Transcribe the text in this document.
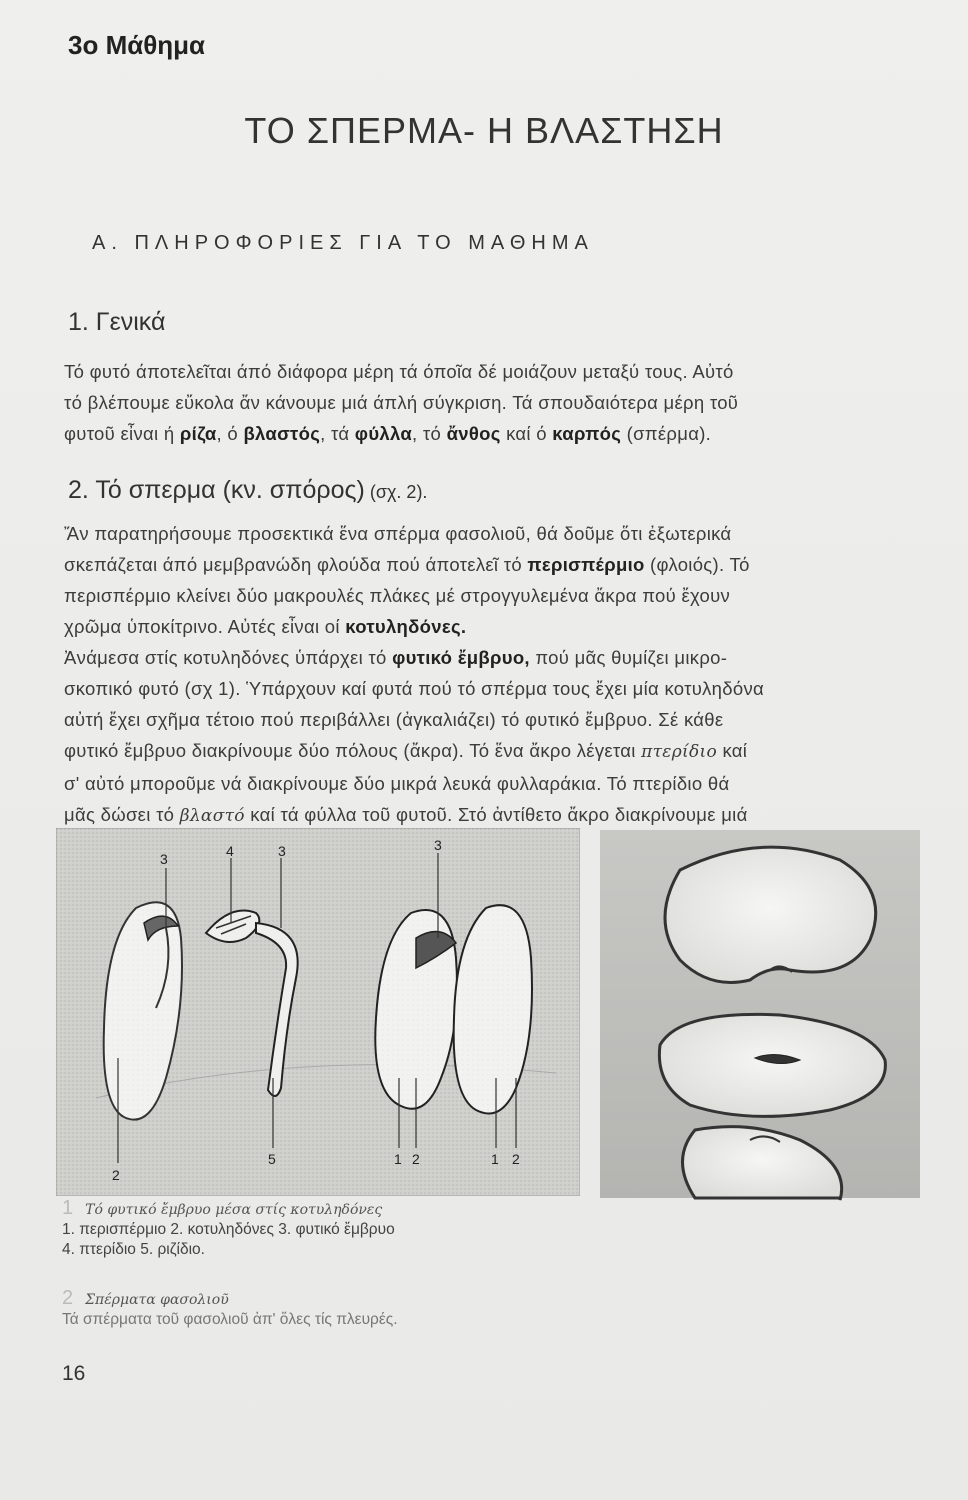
3ο Μάθημα
ΤΟ ΣΠΕΡΜΑ- Η ΒΛΑΣΤΗΣΗ
Α. ΠΛΗΡΟΦΟΡΙΕΣ ΓΙΑ ΤΟ ΜΑΘΗΜΑ
1. Γενικά
Τό φυτό άποτελεῖται άπό διάφορα μέρη τά όποῖα δέ μοιάζουν μεταξύ τους. Αὐτό
τό βλέπουμε εὔκολα ἄν κάνουμε μιά άπλή σύγκριση. Τά σπουδαιότερα μέρη τοῦ
φυτοῦ εἶναι ή ρίζα, ό βλαστός, τά φύλλα, τό ἄνθος καί ό καρπός (σπέρμα).
2. Τό σπερμα (κν. σπόρος) (σχ. 2).
Ἄν παρατηρήσουμε προσεκτικά ἕνα σπέρμα φασολιοῦ, θά δοῦμε ὅτι ἐξωτερικά
σκεπάζεται άπό μεμβρανώδη φλούδα πού άποτελεῖ τό περισπέρμιο (φλοιός). Τό
περισπέρμιο κλείνει δύο μακρουλές πλάκες μέ στρογγυλεμένα ἄκρα πού ἔχουν
χρῶμα ὑποκίτρινο. Αὐτές εἶναι οί κοτυληδόνες.
Ἀνάμεσα στίς κοτυληδόνες ὑπάρχει τό φυτικό ἔμβρυο, πού μᾶς θυμίζει μικρο-
σκοπικό φυτό (σχ 1). Ὑπάρχουν καί φυτά πού τό σπέρμα τους ἔχει μία κοτυληδόνα
αὐτή ἔχει σχῆμα τέτοιο πού περιβάλλει (ἀγκαλιάζει) τό φυτικό ἔμβρυο. Σέ κάθε
φυτικό ἔμβρυο διακρίνουμε δύο πόλους (ἄκρα). Τό ἕνα ἄκρο λέγεται πτερίδιο καί
σ' αὐτό μποροῦμε νά διακρίνουμε δύο μικρά λευκά φυλλαράκια. Τό πτερίδιο θά
μᾶς δώσει τό βλαστό καί τά φύλλα τοῦ φυτοῦ. Στό ἀντίθετο ἄκρο διακρίνουμε μιά
3	4	3	3
2
5	1 2	1 2
1 Τό φυτικό ἔμβρυο μέσα στίς κοτυληδόνες
1. περισπέρμιο 2. κοτυληδόνες 3. φυτικό ἔμβρυο
4. πτερίδιο 5. ριζίδιο.
2 Σπέρματα φασολιοῦ
Τά σπέρματα τοῦ φασολιοῦ ἀπ' ὅλες τίς πλευρές.
16
